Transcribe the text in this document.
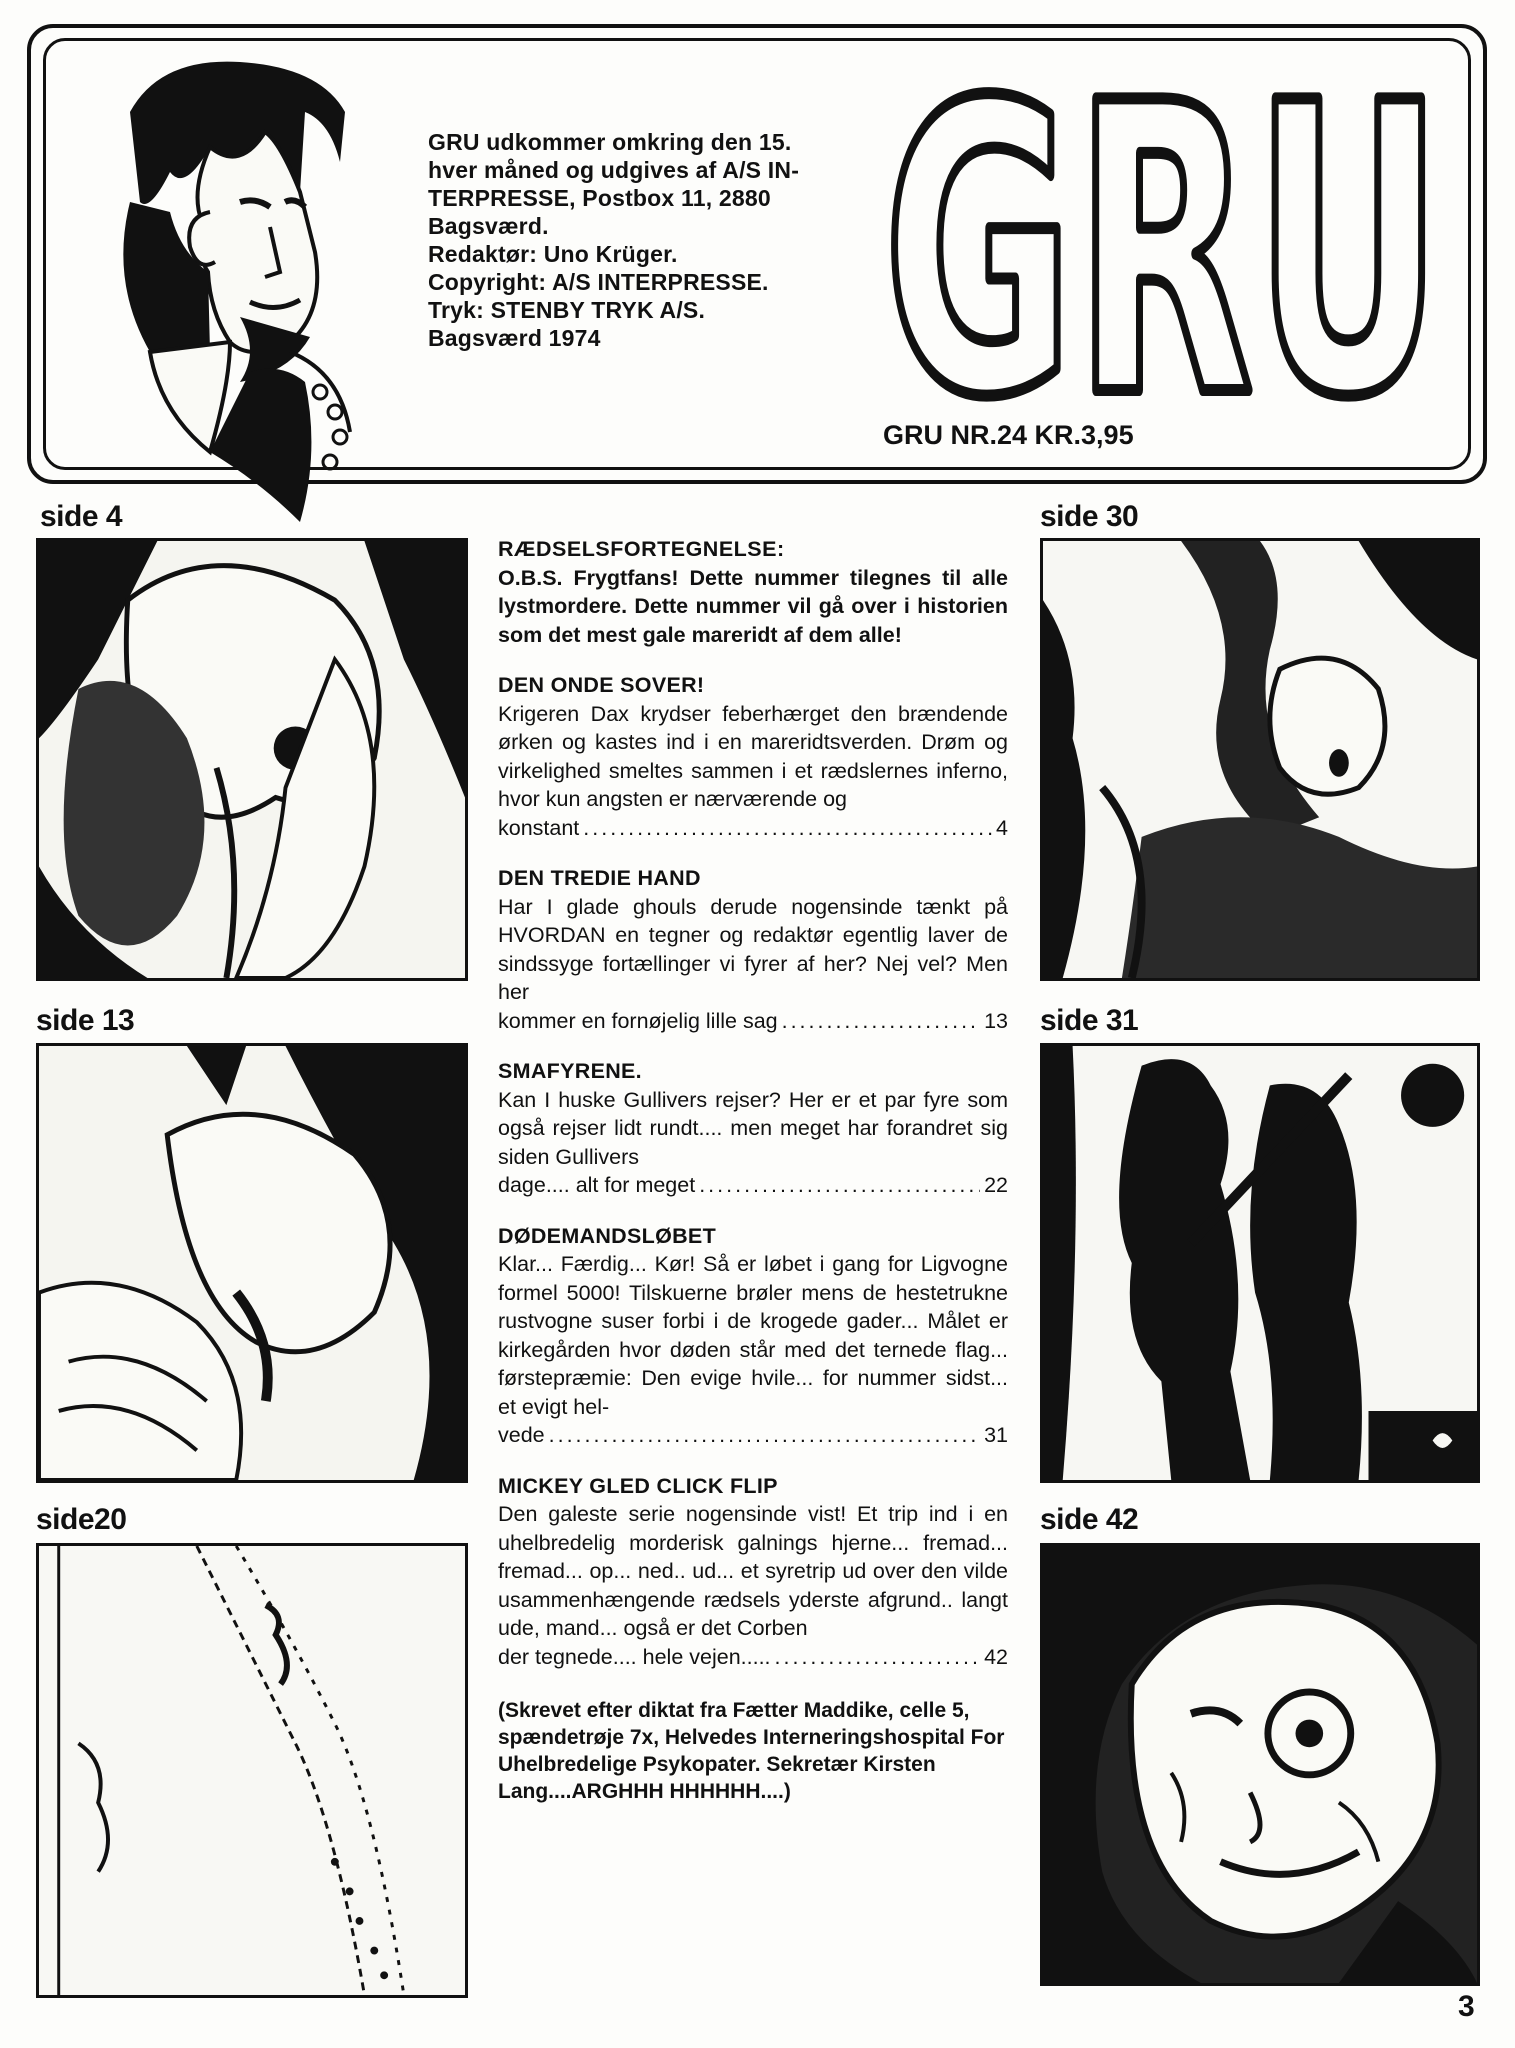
GRU udkommer omkring den 15.
hver måned og udgives af A/S IN-
TERPRESSE, Postbox 11, 2880
Bagsværd.
Redaktør: Uno Krüger.
Copyright: A/S INTERPRESSE.
Tryk: STENBY TRYK A/S.
Bagsværd 1974 GRU
GRU NR.24 KR.3,95
side 4
side 13
side20
RÆDSELSFORTEGNELSE:
O.B.S. Frygtfans! Dette nummer tilegnes til alle lystmordere. Dette nummer vil gå over i historien som det mest gale mareridt af dem alle!
DEN ONDE SOVER!
Krigeren Dax krydser feberhærget den brændende ørken og kastes ind i en mareridtsverden. Drøm og virkelighed smeltes sammen i et rædslernes inferno, hvor kun angsten er nærværende og
konstant .....	4
DEN TREDIE HAND
Har I glade ghouls derude nogensinde tænkt på HVORDAN en tegner og redaktør egentlig laver de sindssyge fortællinger vi fyrer af her? Nej vel? Men her
kommer en fornøjelig lille sag .....	13
SMAFYRENE.
Kan I huske Gullivers rejser? Her er et par fyre som også rejser lidt rundt.... men meget har forandret sig siden Gullivers
dage.... alt for meget .....	22
DØDEMANDSLØBET
Klar... Færdig... Kør! Så er løbet i gang for Ligvogne formel 5000! Tilskuerne brøler mens de hestetrukne rustvogne suser forbi i de krogede gader... Målet er kirkegården hvor døden står med det ternede flag... førstepræmie: Den evige hvile... for nummer sidst... et evigt hel-
vede .....	31
MICKEY GLED CLICK FLIP
Den galeste serie nogensinde vist! Et trip ind i en uhelbredelig morderisk galnings hjerne... fremad... fremad... op... ned.. ud... et syretrip ud over den vilde usammenhængende rædsels yderste afgrund.. langt ude, mand... også er det Corben
der tegnede.... hele vejen..... .....	42
(Skrevet efter diktat fra Fætter Maddike, celle 5, spændetrøje 7x, Helvedes Interneringshospital For Uhelbredelige Psykopater. Sekretær Kirsten Lang....ARGHHH HHHHHH....)
side 30
side 31
side 42
3
